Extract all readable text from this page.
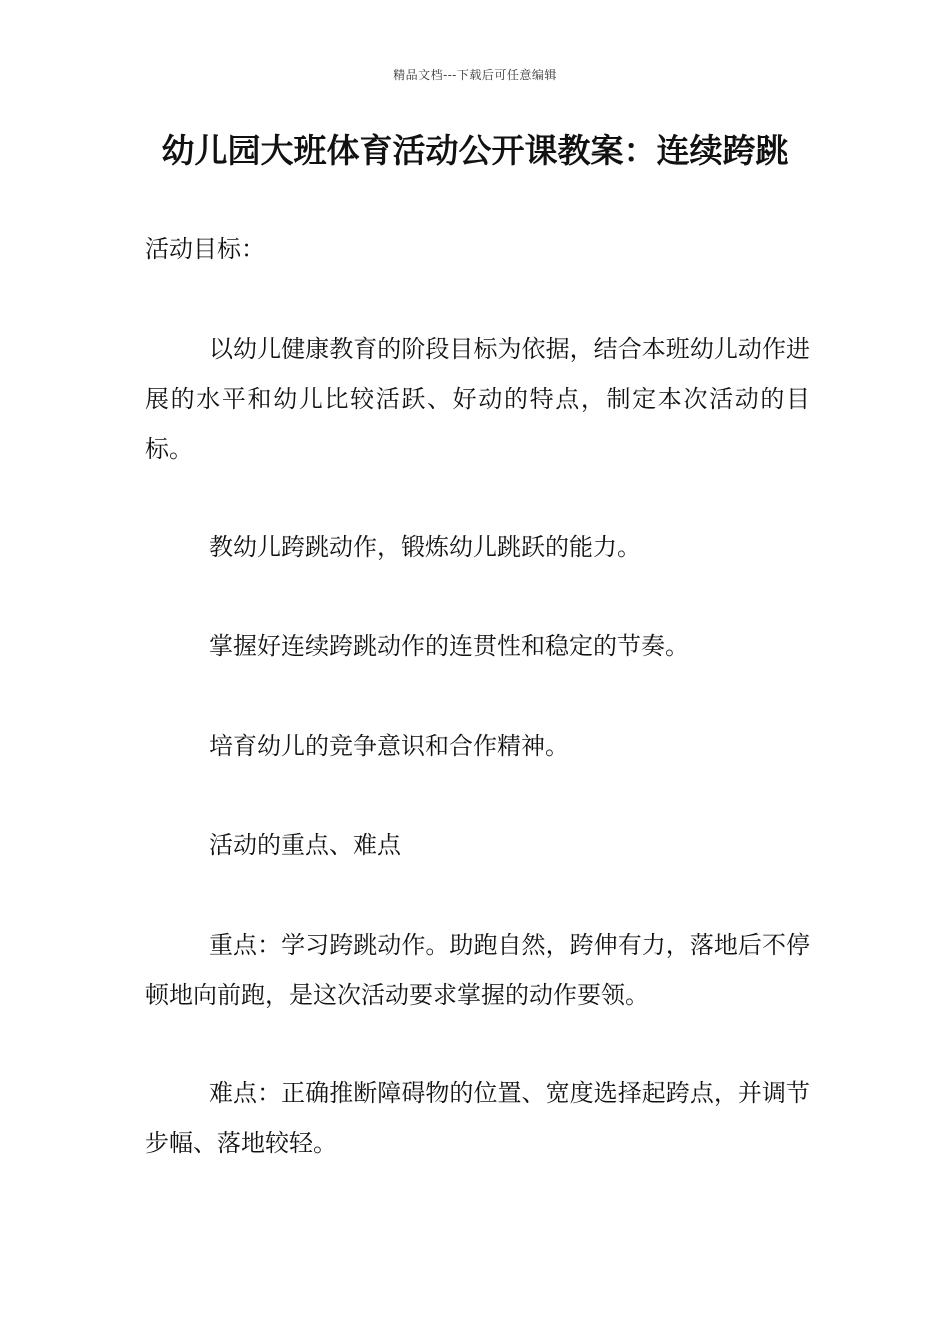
精品文档---下载后可任意编辑
幼儿园大班体育活动公开课教案：连续跨跳

活动目标：

以幼儿健康教育的阶段目标为依据，结合本班幼儿动作进展的水平和幼儿比较活跃、好动的特点，制定本次活动的目标。

教幼儿跨跳动作，锻炼幼儿跳跃的能力。

掌握好连续跨跳动作的连贯性和稳定的节奏。

培育幼儿的竞争意识和合作精神。

活动的重点、难点

重点：学习跨跳动作。助跑自然，跨伸有力，落地后不停顿地向前跑，是这次活动要求掌握的动作要领。

难点：正确推断障碍物的位置、宽度选择起跨点，并调节步幅、落地较轻。
